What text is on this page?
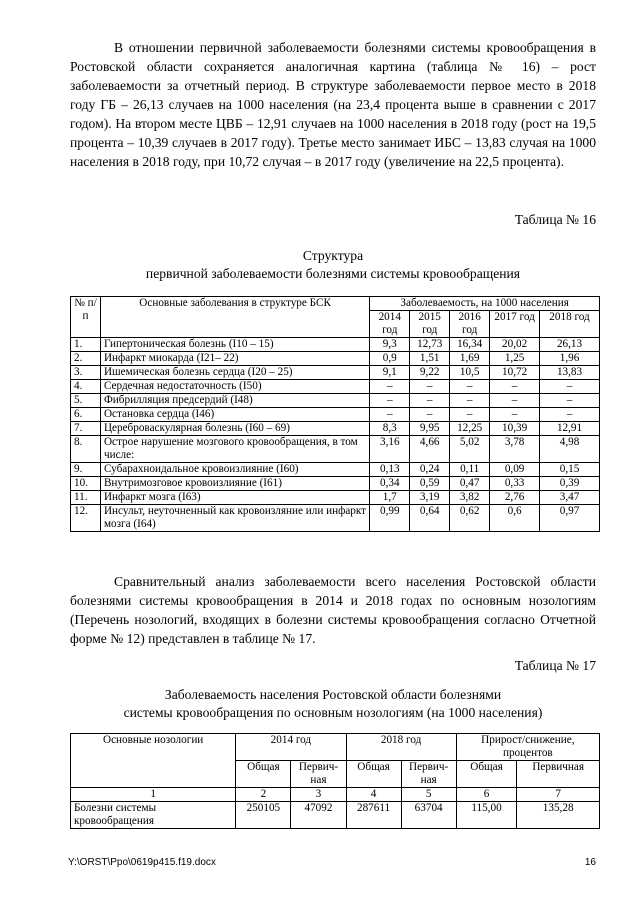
В отношении первичной заболеваемости болезнями системы кровообращения в Ростовской области сохраняется аналогичная картина (таблица № 16) – рост заболеваемости за отчетный период. В структуре заболеваемости первое место в 2018 году ГБ – 26,13 случаев на 1000 населения (на 23,4 процента выше в сравнении с 2017 годом). На втором месте ЦВБ – 12,91 случаев на 1000 населения в 2018 году (рост на 19,5 процента – 10,39 случаев в 2017 году). Третье место занимает ИБС – 13,83 случая на 1000 населения в 2018 году, при 10,72 случая – в 2017 году (увеличение на 22,5 процента).

Таблица № 16
Структура
первичной заболеваемости болезнями системы кровообращения
№ п/п	Основные заболевания в структуре БСК	Заболеваемость, на 1000 населения				
		2014 год	2015 год	2016 год	2017 год	2018 год
1.	Гипертоническая болезнь (I10 – 15)	9,3	12,73	16,34	20,02	26,13
2.	Инфаркт миокарда (I21– 22)	0,9	1,51	1,69	1,25	1,96
3.	Ишемическая болезнь сердца (I20 – 25)	9,1	9,22	10,5	10,72	13,83
4.	Сердечная недостаточность (I50)	–	–	–	–	–
5.	Фибрилляция предсердий (I48)	–	–	–	–	–
6.	Остановка сердца (I46)	–	–	–	–	–
7.	Цереброваскулярная болезнь (I60 – 69)	8,3	9,95	12,25	10,39	12,91
8.	Острое нарушение мозгового кровообращения, в том числе:	3,16	4,66	5,02	3,78	4,98
9.	Субарахноидальное кровоизлияние (I60)	0,13	0,24	0,11	0,09	0,15
10.	Внутримозговое кровоизлияние (I61)	0,34	0,59	0,47	0,33	0,39
11.	Инфаркт мозга (I63)	1,7	3,19	3,82	2,76	3,47
12.	Инсульт, неуточненный как кровоизляние или инфаркт мозга (I64)	0,99	0,64	0,62	0,6	0,97

Сравнительный анализ заболеваемости всего населения Ростовской области болезнями системы кровообращения в 2014 и 2018 годах по основным нозологиям (Перечень нозологий, входящих в болезни системы кровообращения согласно Отчетной форме № 12) представлен в таблице № 17.

Таблица № 17
Заболеваемость населения Ростовской области болезнями
системы кровообращения по основным нозологиям (на 1000 населения)
Основные нозологии	2014 год		2018 год		Прирост/снижение, процентов	
	Общая	Первич-ная	Общая	Первич-ная	Общая	Первичная
1	2	3	4	5	6	7
Болезни системы кровообращения	250105	47092	287611	63704	115,00	135,28
Y:\ORST\Ppo\0619p415.f19.docx	16
